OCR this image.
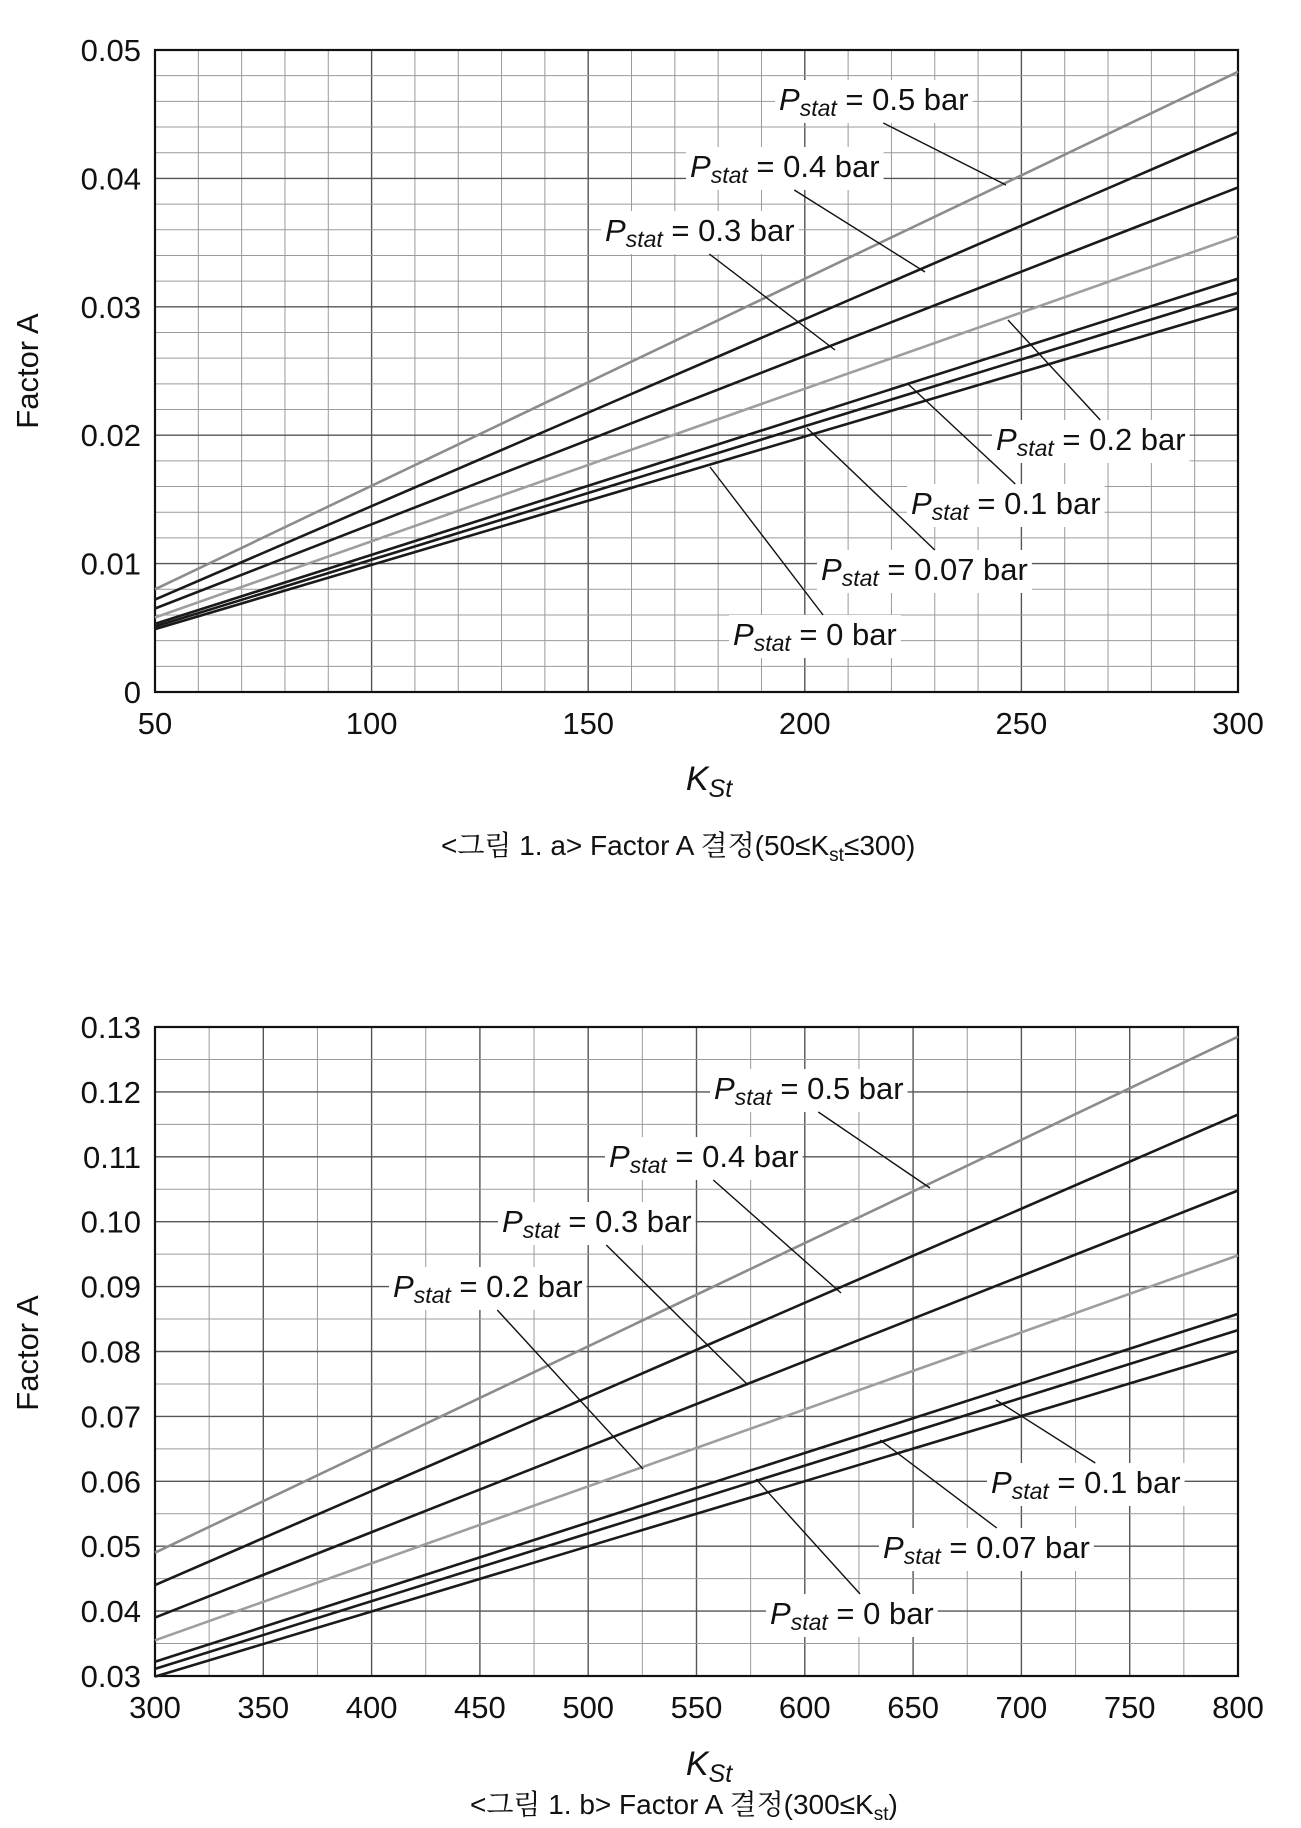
Pstat = 0.5 bar
Pstat = 0.4 bar
Pstat = 0.3 bar
Pstat = 0.2 bar
Pstat = 0.1 bar
Pstat = 0.07 bar
Pstat = 0 bar
50	100	150	200	250	300
0
0.01
0.02
0.03
0.04
0.05
Factor A
$K_{St}$
<그림 1. a> Factor A 결정$(50\le K_{st}\le 300)$
Pstat = 0.5 bar
Pstat = 0.4 bar
Pstat = 0.3 bar
Pstat = 0.2 bar
Pstat = 0.1 bar
Pstat = 0.07 bar
Pstat = 0 bar
300 350 400 450 500 550 600 650 700 750 800
0.03
0.04
0.05
0.06
0.07
0.08
0.09
0.10
0.11
0.12
0.13
Factor A
$K_{St}$
<그림 1. b> Factor A 결정$(300\le K_{st})$
